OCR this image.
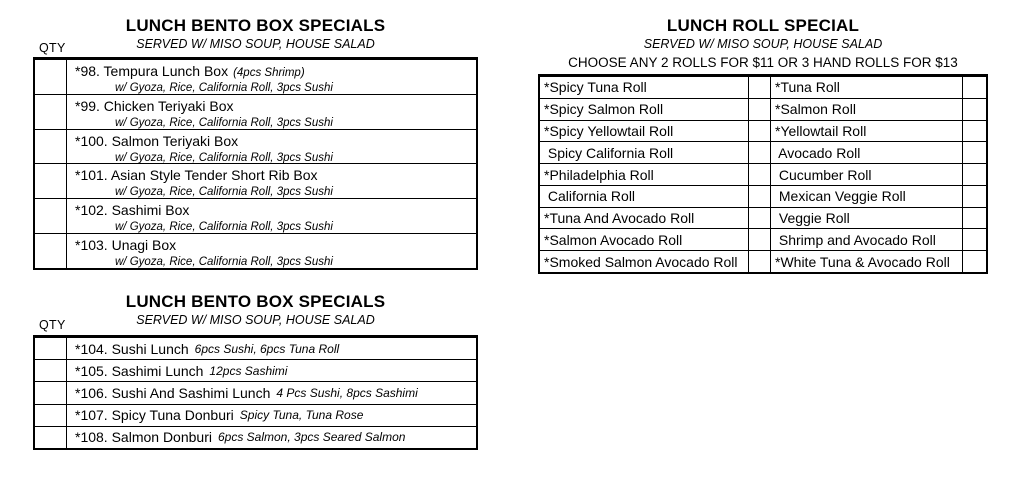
LUNCH BENTO BOX SPECIALS
SERVED W/ MISO SOUP, HOUSE SALAD
QTY
*98. Tempura Lunch Box (4pcs Shrimp)
w/ Gyoza, Rice, California Roll, 3pcs Sushi
*99. Chicken Teriyaki Box
w/ Gyoza, Rice, California Roll, 3pcs Sushi
*100. Salmon Teriyaki Box
w/ Gyoza, Rice, California Roll, 3pcs Sushi
*101. Asian Style Tender Short Rib Box
w/ Gyoza, Rice, California Roll, 3pcs Sushi
*102. Sashimi Box
w/ Gyoza, Rice, California Roll, 3pcs Sushi
*103. Unagi Box
w/ Gyoza, Rice, California Roll, 3pcs Sushi
LUNCH BENTO BOX SPECIALS
SERVED W/ MISO SOUP, HOUSE SALAD
QTY
*104. Sushi Lunch 6pcs Sushi, 6pcs Tuna Roll
*105. Sashimi Lunch 12pcs Sashimi
*106. Sushi And Sashimi Lunch 4 Pcs Sushi, 8pcs Sashimi
*107. Spicy Tuna Donburi Spicy Tuna, Tuna Rose
*108. Salmon Donburi 6pcs Salmon, 3pcs Seared Salmon
LUNCH ROLL SPECIAL
SERVED W/ MISO SOUP, HOUSE SALAD
CHOOSE ANY 2 ROLLS FOR $11 OR 3 HAND ROLLS FOR $13
*Spicy Tuna Roll	*Tuna Roll
*Spicy Salmon Roll	*Salmon Roll
*Spicy Yellowtail Roll	*Yellowtail Roll
Spicy California Roll	Avocado Roll
*Philadelphia Roll	Cucumber Roll
California Roll	Mexican Veggie Roll
*Tuna And Avocado Roll	Veggie Roll
*Salmon Avocado Roll	Shrimp and Avocado Roll
*Smoked Salmon Avocado Roll	*White Tuna & Avocado Roll
